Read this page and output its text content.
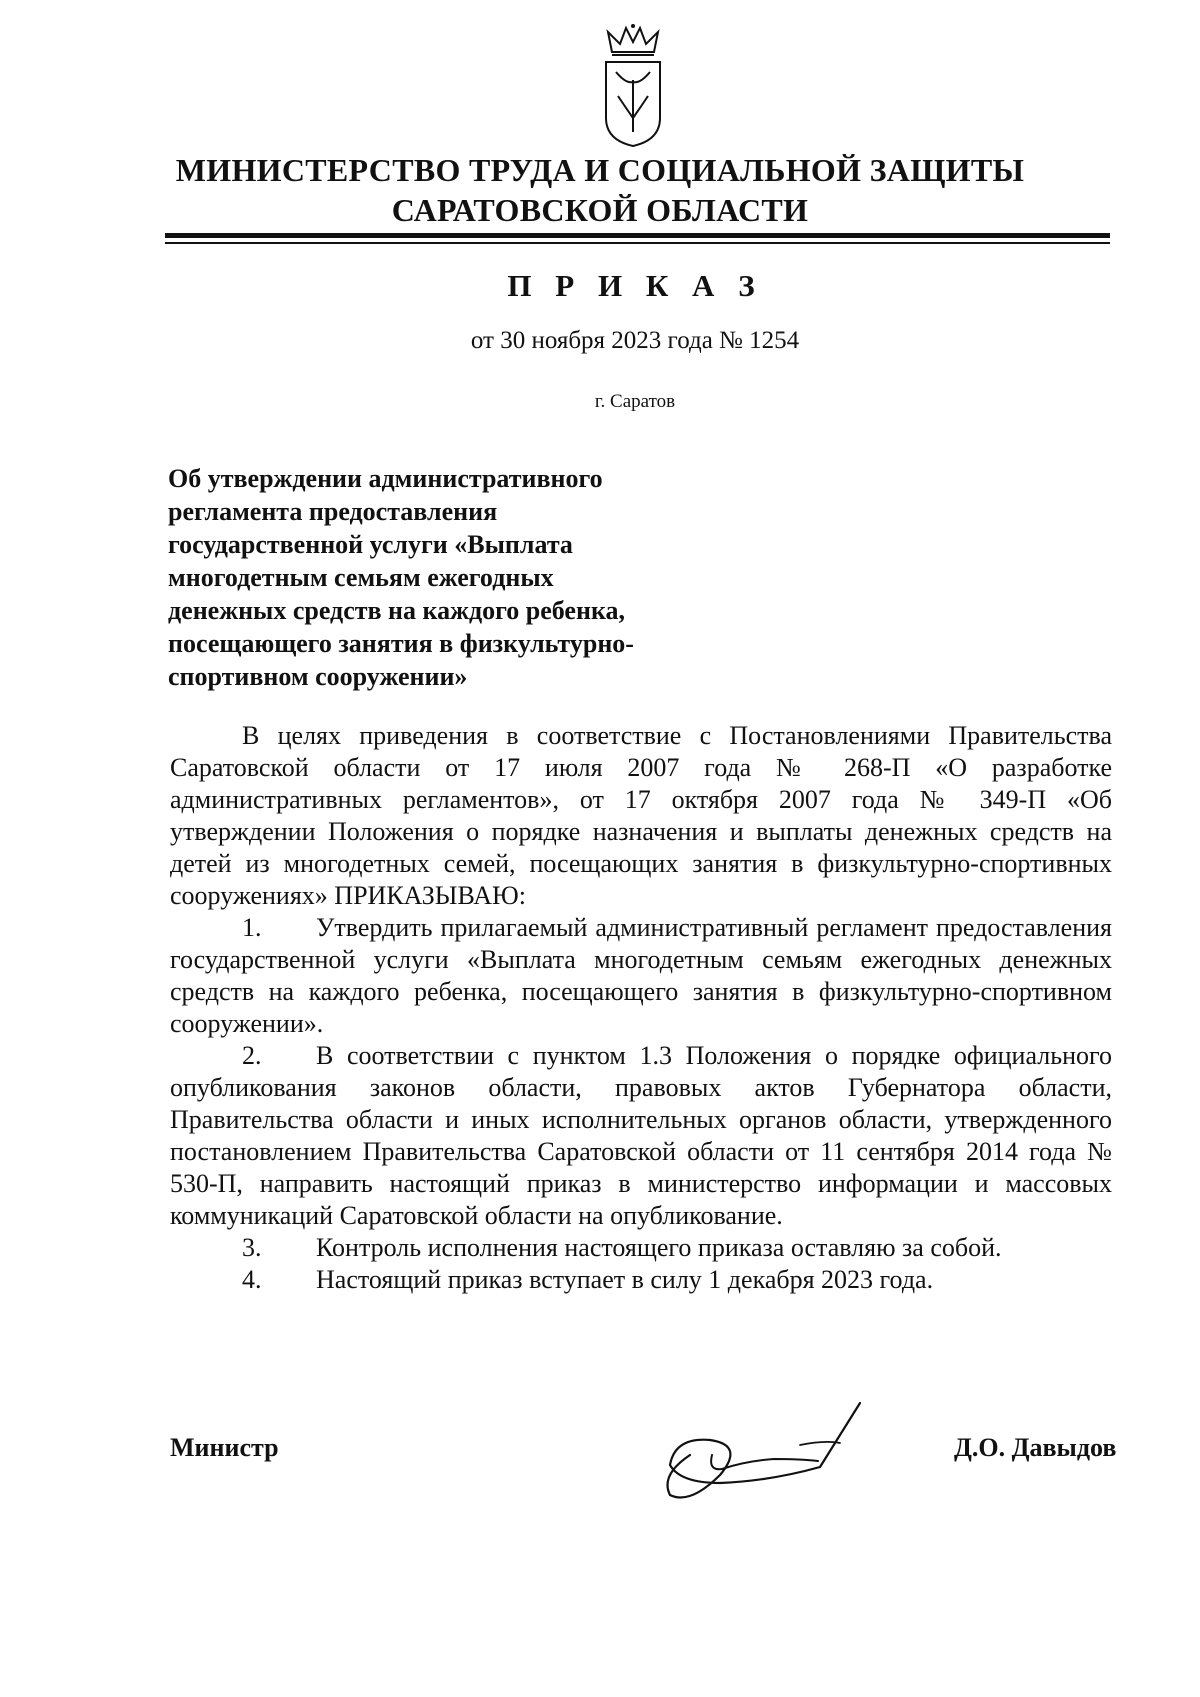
МИНИСТЕРСТВО ТРУДА И СОЦИАЛЬНОЙ ЗАЩИТЫ
САРАТОВСКОЙ ОБЛАСТИ
П Р И К А З
от 30 ноября 2023 года № 1254
г. Саратов
Об утверждении административного
регламента предоставления
государственной услуги «Выплата
многодетным семьям ежегодных
денежных средств на каждого ребенка,
посещающего занятия в физкультурно-
спортивном сооружении»

В целях приведения в соответствие с Постановлениями Правительства Саратовской области от 17 июля 2007 года № 268-П «О разработке административных регламентов», от 17 октября 2007 года № 349-П «Об утверждении Положения о порядке назначения и выплаты денежных средств на детей из многодетных семей, посещающих занятия в физкультурно-спортивных сооружениях» ПРИКАЗЫВАЮ:

1. Утвердить прилагаемый административный регламент предоставления государственной услуги «Выплата многодетным семьям ежегодных денежных средств на каждого ребенка, посещающего занятия в физкультурно-спортивном сооружении».

2. В соответствии с пунктом 1.3 Положения о порядке официального опубликования законов области, правовых актов Губернатора области, Правительства области и иных исполнительных органов области, утвержденного постановлением Правительства Саратовской области от 11 сентября 2014 года № 530-П, направить настоящий приказ в министерство информации и массовых коммуникаций Саратовской области на опубликование.

3. Контроль исполнения настоящего приказа оставляю за собой.

4. Настоящий приказ вступает в силу 1 декабря 2023 года.

Министр	Д.О. Давыдов
